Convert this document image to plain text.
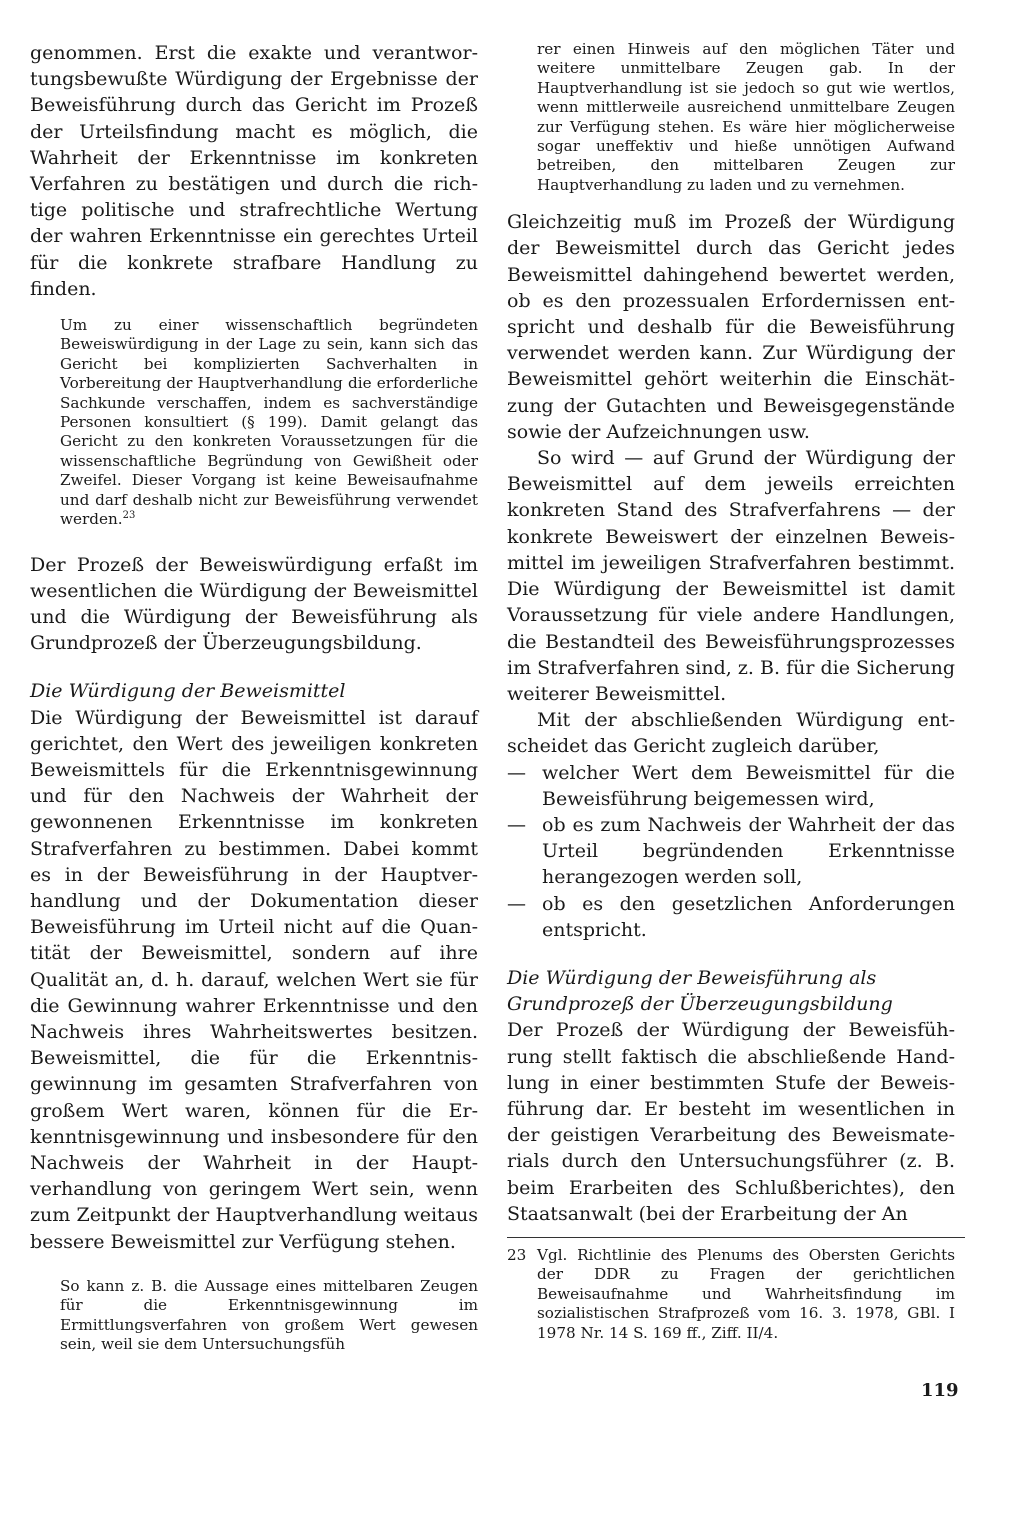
genommen. Erst die exakte und verantwortungsbewußte Würdigung der Ergebnisse der Beweisführung durch das Gericht im Prozeß der Urteilsfindung macht es möglich, die Wahrheit der Erkenntnisse im konkreten Verfahren zu bestätigen und durch die richtige politische und strafrechtliche Wertung der wahren Erkenntnisse ein gerechtes Urteil für die konkrete strafbare Handlung zu finden.

Um zu einer wissenschaftlich begründeten Beweiswürdigung in der Lage zu sein, kann sich das Gericht bei komplizierten Sachverhalten in Vorbereitung der Hauptverhandlung die erforderliche Sachkunde verschaffen, indem es sachverständige Personen konsultiert (§ 199). Damit gelangt das Gericht zu den konkreten Voraussetzungen für die wissenschaftliche Begründung von Gewißheit oder Zweifel. Dieser Vorgang ist keine Beweisaufnahme und darf deshalb nicht zur Beweisführung verwendet werden.$^{23}$

Der Prozeß der Beweiswürdigung erfaßt im wesentlichen die Würdigung der Beweismittel und die Würdigung der Beweisführung als Grundprozeß der Überzeugungsbildung.

Die Würdigung der Beweismittel

Die Würdigung der Beweismittel ist darauf gerichtet, den Wert des jeweiligen konkreten Beweismittels für die Erkenntnisgewinnung und für den Nachweis der Wahrheit der gewonnenen Erkenntnisse im konkreten Strafverfahren zu bestimmen. Dabei kommt es in der Beweisführung in der Hauptverhandlung und der Dokumentation dieser Beweisführung im Urteil nicht auf die Quantität der Beweismittel, sondern auf ihre Qualität an, d. h. darauf, welchen Wert sie für die Gewinnung wahrer Erkenntnisse und den Nachweis ihres Wahrheitswertes besitzen. Beweismittel, die für die Erkenntnisgewinnung im gesamten Strafverfahren von großem Wert waren, können für die Erkenntnisgewinnung und insbesondere für den Nachweis der Wahrheit in der Hauptverhandlung von geringem Wert sein, wenn zum Zeitpunkt der Hauptverhandlung weitaus bessere Beweismittel zur Verfügung stehen.

So kann z. B. die Aussage eines mittelbaren Zeugen für die Erkenntnisgewinnung im Ermittlungsverfahren von großem Wert gewesen sein, weil sie dem Untersuchungsfüh

rer einen Hinweis auf den möglichen Täter und weitere unmittelbare Zeugen gab. In der Hauptverhandlung ist sie jedoch so gut wie wertlos, wenn mittlerweile ausreichend unmittelbare Zeugen zur Verfügung stehen. Es wäre hier möglicherweise sogar uneffektiv und hieße unnötigen Aufwand betreiben, den mittelbaren Zeugen zur Hauptverhandlung zu laden und zu vernehmen.

Gleichzeitig muß im Prozeß der Würdigung der Beweismittel durch das Gericht jedes Beweismittel dahingehend bewertet werden, ob es den prozessualen Erfordernissen entspricht und deshalb für die Beweisführung verwendet werden kann. Zur Würdigung der Beweismittel gehört weiterhin die Einschätzung der Gutachten und Beweisgegenstände sowie der Aufzeichnungen usw.

So wird — auf Grund der Würdigung der Beweismittel auf dem jeweils erreichten konkreten Stand des Strafverfahrens — der konkrete Beweiswert der einzelnen Beweismittel im jeweiligen Strafverfahren bestimmt. Die Würdigung der Beweismittel ist damit Voraussetzung für viele andere Handlungen, die Bestandteil des Beweisführungsprozesses im Strafverfahren sind, z. B. für die Sicherung weiterer Beweismittel.

Mit der abschließenden Würdigung entscheidet das Gericht zugleich darüber,

— welcher Wert dem Beweismittel für die Beweisführung beigemessen wird,
— ob es zum Nachweis der Wahrheit der das Urteil begründenden Erkenntnisse herangezogen werden soll,
— ob es den gesetzlichen Anforderungen entspricht.

Die Würdigung der Beweisführung als Grundprozeß der Überzeugungsbildung

Der Prozeß der Würdigung der Beweisführung stellt faktisch die abschließende Handlung in einer bestimmten Stufe der Beweisführung dar. Er besteht im wesentlichen in der geistigen Verarbeitung des Beweismaterials durch den Untersuchungsführer (z. B. beim Erarbeiten des Schlußberichtes), den Staatsanwalt (bei der Erarbeitung der An

23 Vgl. Richtlinie des Plenums des Obersten Gerichts der DDR zu Fragen der gerichtlichen Beweisaufnahme und Wahrheitsfindung im sozialistischen Strafprozeß vom 16. 3. 1978, GBl. I 1978 Nr. 14 S. 169 ff., Ziff. II/4.

119
